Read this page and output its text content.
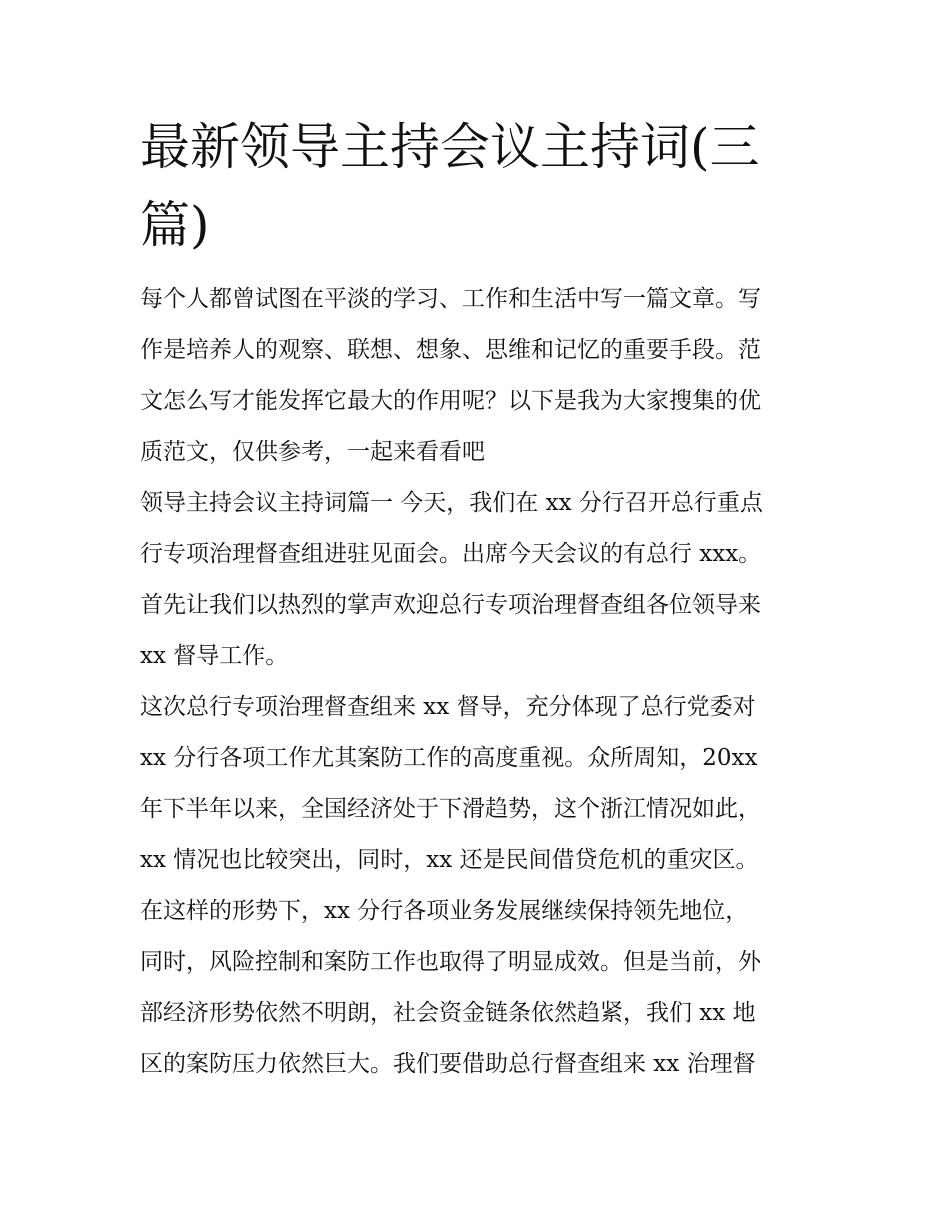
最新领导主持会议主持词(三
篇)

每个人都曾试图在平淡的学习、工作和生活中写一篇文章。写

作是培养人的观察、联想、想象、思维和记忆的重要手段。范

文怎么写才能发挥它最大的作用呢？以下是我为大家搜集的优

质范文，仅供参考，一起来看看吧

领导主持会议主持词篇一 今天，我们在 xx 分行召开总行重点

行专项治理督查组进驻见面会。出席今天会议的有总行 xxx。

首先让我们以热烈的掌声欢迎总行专项治理督查组各位领导来

xx 督导工作。

这次总行专项治理督查组来 xx 督导，充分体现了总行党委对

xx 分行各项工作尤其案防工作的高度重视。众所周知，20xx

年下半年以来，全国经济处于下滑趋势，这个浙江情况如此，

xx 情况也比较突出，同时，xx 还是民间借贷危机的重灾区。

在这样的形势下，xx 分行各项业务发展继续保持领先地位，

同时，风险控制和案防工作也取得了明显成效。但是当前，外

部经济形势依然不明朗，社会资金链条依然趋紧，我们 xx 地

区的案防压力依然巨大。我们要借助总行督查组来 xx 治理督
